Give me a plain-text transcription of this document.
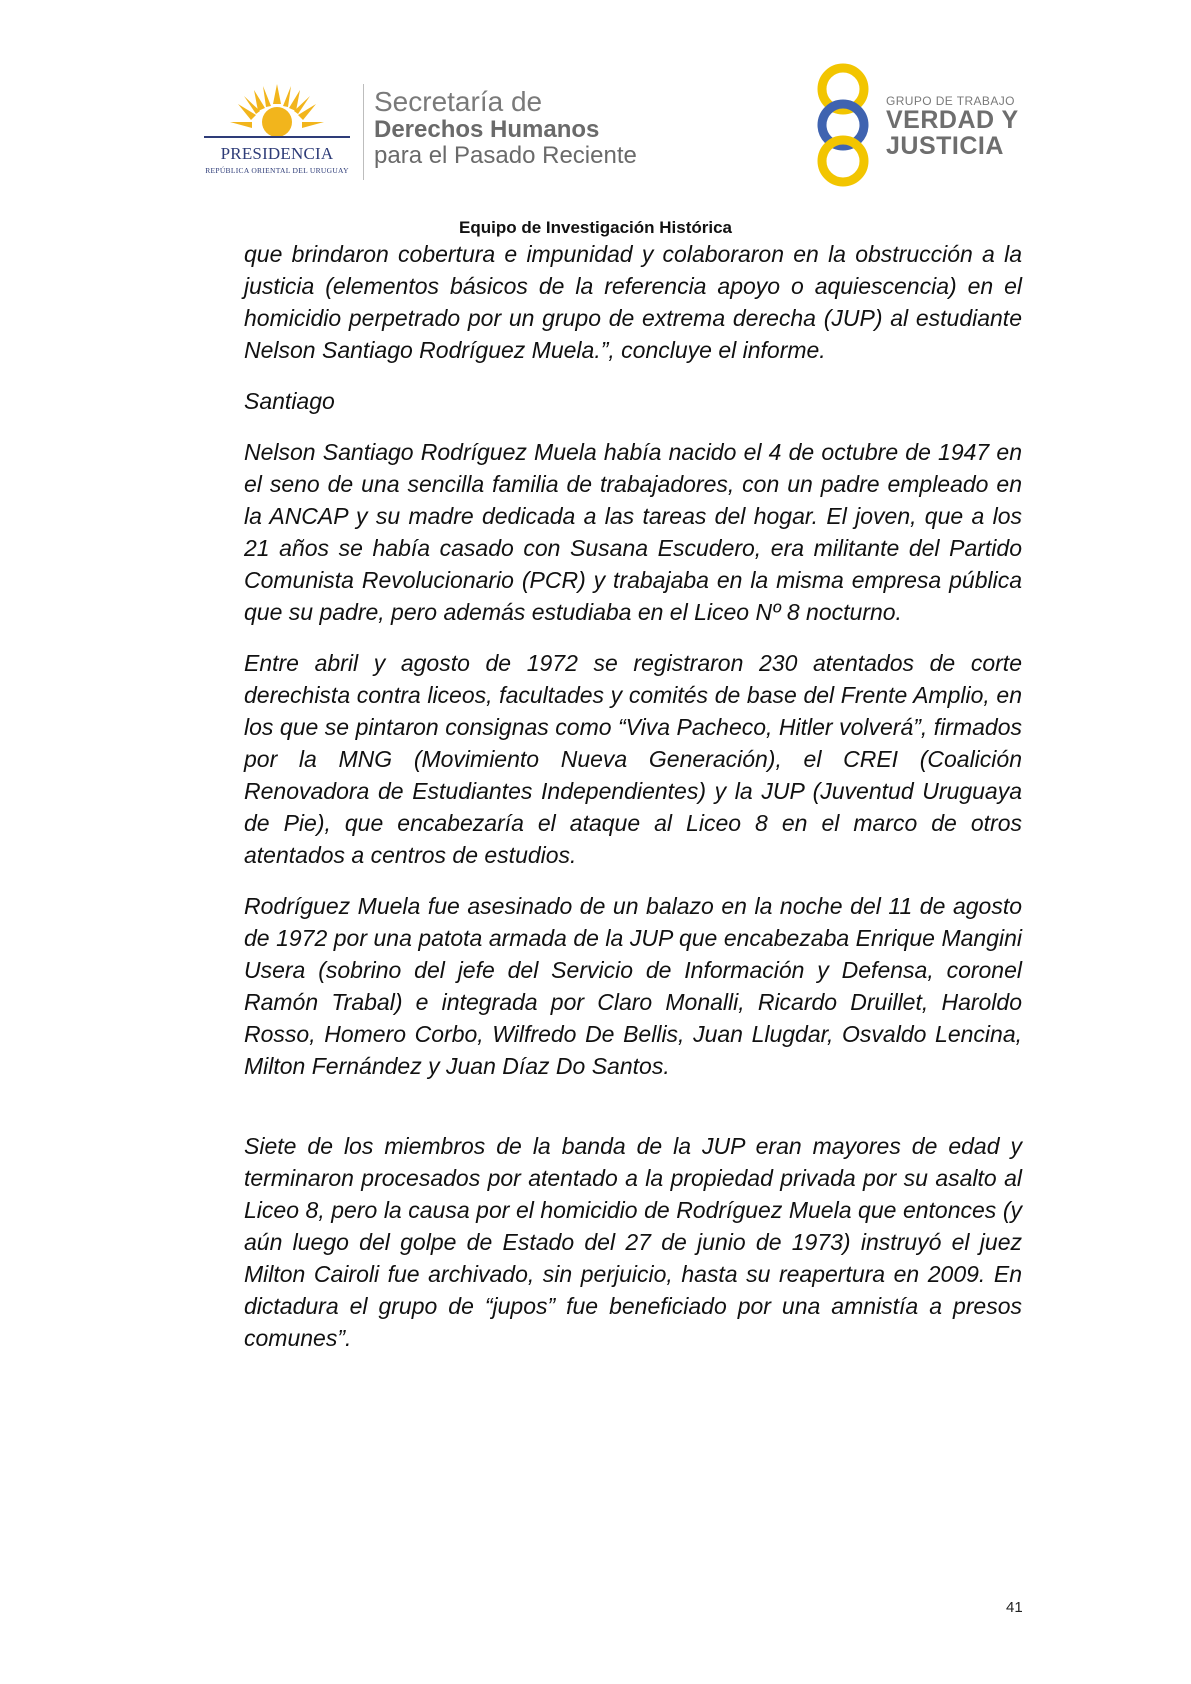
PRESIDENCIA
REPÚBLICA ORIENTAL DEL URUGUAY
Secretaría de
Derechos Humanos
para el Pasado Reciente
GRUPO DE TRABAJO
VERDAD Y
JUSTICIA
Equipo de Investigación Histórica

que brindaron cobertura e impunidad y colaboraron en la obstrucción a la justicia (elementos básicos de la referencia apoyo o aquiescencia) en el homicidio perpetrado por un grupo de extrema derecha (JUP) al estudiante Nelson Santiago Rodríguez Muela.”, concluye el informe.

Santiago

Nelson Santiago Rodríguez Muela había nacido el 4 de octubre de 1947 en el seno de una sencilla familia de trabajadores, con un padre empleado en la ANCAP y su madre dedicada a las tareas del hogar. El joven, que a los 21 años se había casado con Susana Escudero, era militante del Partido Comunista Revolucionario (PCR) y trabajaba en la misma empresa pública que su padre, pero además estudiaba en el Liceo Nº 8 nocturno.

Entre abril y agosto de 1972 se registraron 230 atentados de corte derechista contra liceos, facultades y comités de base del Frente Amplio, en los que se pintaron consignas como “Viva Pacheco, Hitler volverá”, firmados por la MNG (Movimiento Nueva Generación), el CREI (Coalición Renovadora de Estudiantes Independientes) y la JUP (Juventud Uruguaya de Pie), que encabezaría el ataque al Liceo 8 en el marco de otros atentados a centros de estudios.

Rodríguez Muela fue asesinado de un balazo en la noche del 11 de agosto de 1972 por una patota armada de la JUP que encabezaba Enrique Mangini Usera (sobrino del jefe del Servicio de Información y Defensa, coronel Ramón Trabal) e integrada por Claro Monalli, Ricardo Druillet, Haroldo Rosso, Homero Corbo, Wilfredo De Bellis, Juan Llugdar, Osvaldo Lencina, Milton Fernández y Juan Díaz Do Santos.

Siete de los miembros de la banda de la JUP eran mayores de edad y terminaron procesados por atentado a la propiedad privada por su asalto al Liceo 8, pero la causa por el homicidio de Rodríguez Muela que entonces (y aún luego del golpe de Estado del 27 de junio de 1973) instruyó el juez Milton Cairoli fue archivado, sin perjuicio, hasta su reapertura en 2009. En dictadura el grupo de “jupos” fue beneficiado por una amnistía a presos comunes”.

41
